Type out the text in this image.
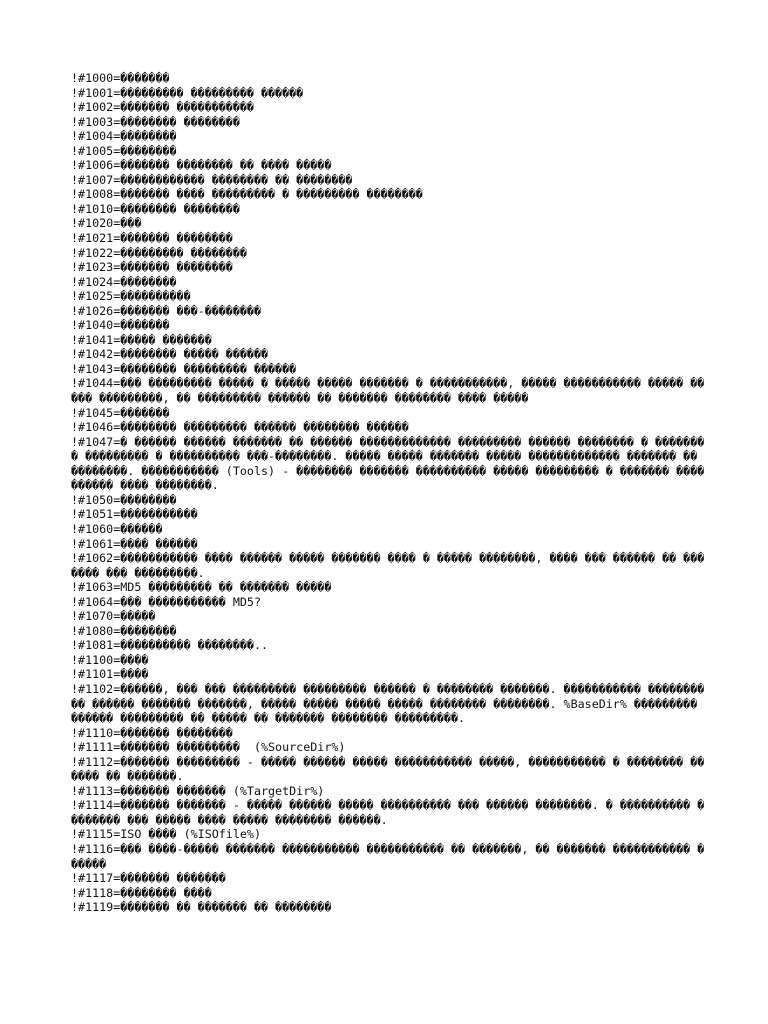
!#1000=�������
!#1001=��������� ��������� ������
!#1002=������� �����������
!#1003=�������� ��������
!#1004=��������
!#1005=��������
!#1006=������� �������� �� ���� �����
!#1007=������������ �������� �� ��������
!#1008=������� ���� ��������� � ��������� ��������
!#1010=�������� ��������
!#1020=���
!#1021=������� ��������
!#1022=��������� ��������
!#1023=������� ��������
!#1024=��������
!#1025=����������
!#1026=������� ���-��������
!#1040=�������
!#1041=����� �������
!#1042=�������� ����� ������
!#1043=�������� ��������� ������
!#1044=��� ��������� ����� � ����� ����� ������� � �����������, ����� ����������� ����� ����� ���������, �� ��������� ������ �� ������� �������� ���� �����
!#1045=�������
!#1046=�������� ��������� ������ �������� ������
!#1047=� ������ ������ ������� �� ������ ������������� ��������� ������ �������� � �������� ��������� � ���������� ���-��������. ����� ����� ������� ����� ������������� ������� �� ��������. ����������� (Tools) - �������� ������� ���������� ����� ��������� � ������� ���� ������ ���� ��������.
!#1050=��������
!#1051=�����������
!#1060=������
!#1061=���� ������
!#1062=����������� ���� ������ ����� ������� ���� � ����� ��������, ���� ��� ������ �� ������� ��� ���������.
!#1063=MD5 ��������� �� ������� �����
!#1064=��� ����������� MD5?
!#1070=�����
!#1080=��������
!#1081=���������� ��������..
!#1100=����
!#1101=����
!#1102=������, ��� ��� ��������� ��������� ������ � �������� �������. ����������� ���������� ������ ������� �������, ����� ����� ����� ����� �������� ��������. %BaseDir% ��������� ������ ��������� �� ����� �� ������� �������� ���������.
!#1110=������� ��������
!#1111=������� ���������  (%SourceDir%)
!#1112=������� ��������� - ����� ������ ����� ����������� �����, ����������� � �������� ������ �� �������.
!#1113=������� ������� (%TargetDir%)
!#1114=������� ������� - ����� ������ ����� ���������� ��� ������ ��������. � ���������� �������� ��� ����� ���� ����� �������� ������.
!#1115=ISO ���� (%ISOfile%)
!#1116=��� ����-����� ������� ����������� ����������� �� �������, �� ������� ����������� ������
!#1117=������� �������
!#1118=�������� ����
!#1119=������� �� ������� �� ��������
